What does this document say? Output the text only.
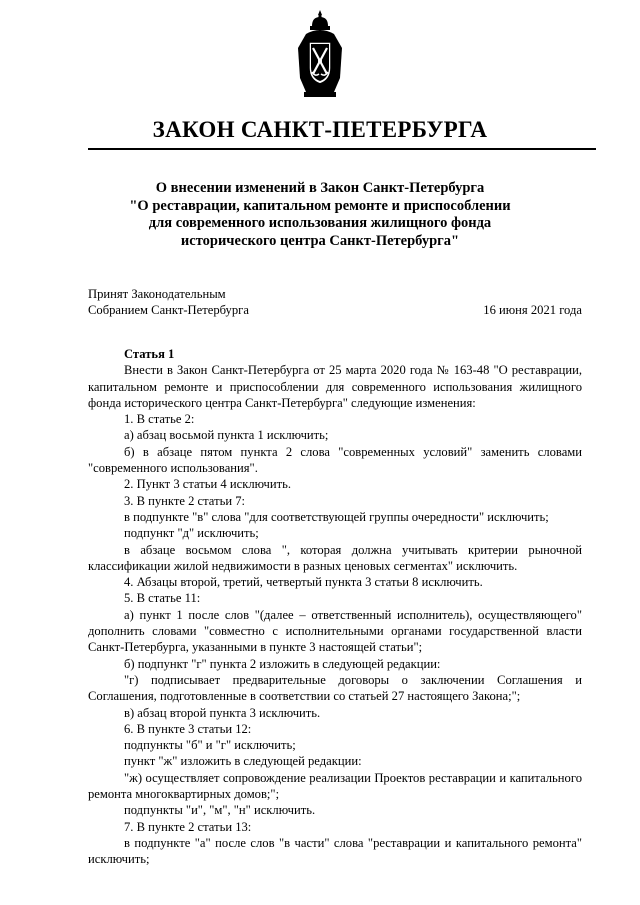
ЗАКОН САНКТ-ПЕТЕРБУРГА
О внесении изменений в Закон Санкт-Петербурга
"О реставрации, капитальном ремонте и приспособлении
для современного использования жилищного фонда
исторического центра Санкт-Петербурга"
Принят Законодательным
Собранием Санкт-Петербурга	16 июня 2021 года
Статья 1

Внести в Закон Санкт-Петербурга от 25 марта 2020 года № 163-48 "О реставрации, капитальном ремонте и приспособлении для современного использования жилищного фонда исторического центра Санкт-Петербурга" следующие изменения:

1. В статье 2:

а) абзац восьмой пункта 1 исключить;

б) в абзаце пятом пункта 2 слова "современных условий" заменить словами "современного использования".

2. Пункт 3 статьи 4 исключить.

3. В пункте 2 статьи 7:

в подпункте "в" слова "для соответствующей группы очередности" исключить;

подпункт "д" исключить;

в абзаце восьмом слова ", которая должна учитывать критерии рыночной классификации жилой недвижимости в разных ценовых сегментах" исключить.

4. Абзацы второй, третий, четвертый пункта 3 статьи 8 исключить.

5. В статье 11:

а) пункт 1 после слов "(далее – ответственный исполнитель), осуществляющего" дополнить словами "совместно с исполнительными органами государственной власти Санкт-Петербурга, указанными в пункте 3 настоящей статьи";

б) подпункт "г" пункта 2 изложить в следующей редакции:

"г) подписывает предварительные договоры о заключении Соглашения и Соглашения, подготовленные в соответствии со статьей 27 настоящего Закона;";

в) абзац второй пункта 3 исключить.

6. В пункте 3 статьи 12:

подпункты "б" и "г" исключить;

пункт "ж" изложить в следующей редакции:

"ж) осуществляет сопровождение реализации Проектов реставрации и капитального ремонта многоквартирных домов;";

подпункты "и", "м", "н" исключить.

7. В пункте 2 статьи 13:

в подпункте "а" после слов "в части" слова "реставрации и капитального ремонта" исключить;
